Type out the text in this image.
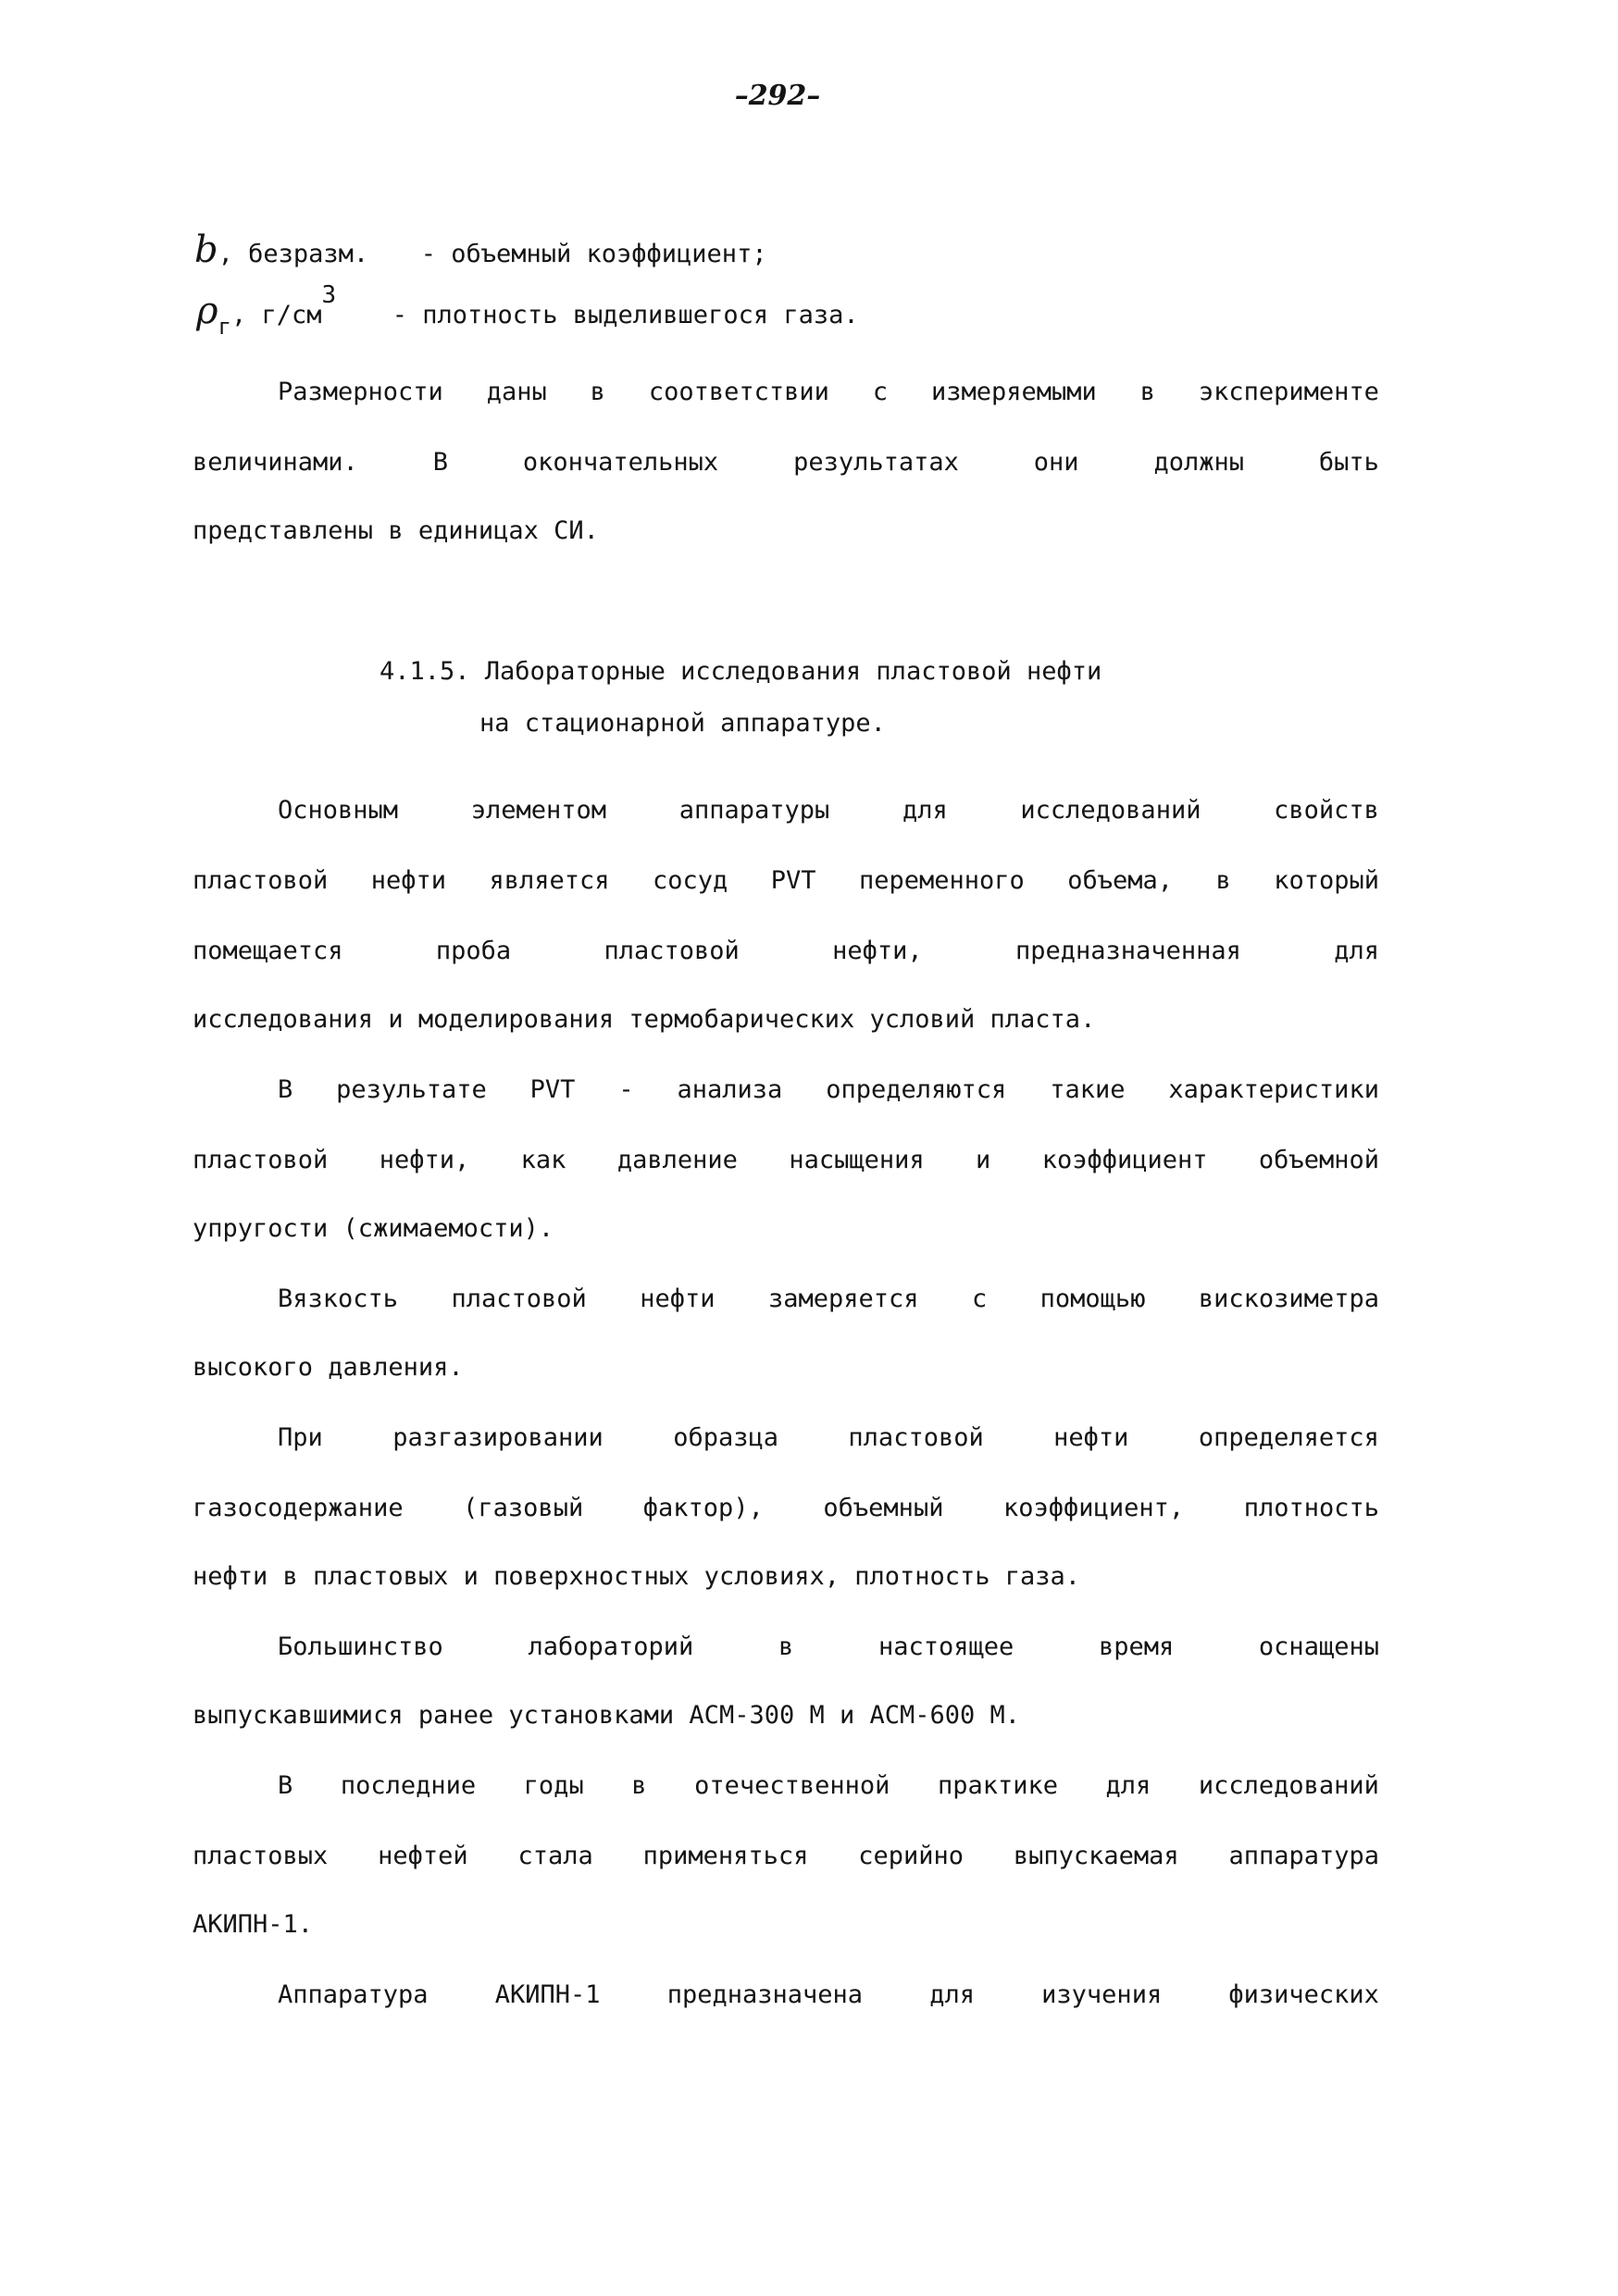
–292–
b, безразм. - объемный коэффициент;
ρг, г/см3  - плотность выделившегося газа.
Размерности даны в соответствии с измеряемыми в эксперименте
величинами.	В	окончательных	результатах	они	должны	быть
представлены в единицах СИ.
4.1.5. Лабораторные исследования пластовой нефти
на стационарной аппаратуре.
Основным	элементом	аппаратуры	для	исследований	свойств
пластовой нефти является сосуд PVT переменного объема, в который
помещается	проба	пластовой	нефти,	предназначенная	для
исследования и моделирования термобарических условий пласта.
В результате PVT - анализа определяются такие характеристики
пластовой нефти, как давление насыщения и коэффициент объемной
упругости (сжимаемости).
Вязкость пластовой нефти замеряется с помощью вискозиметра
высокого давления.
При	разгазировании	образца	пластовой	нефти	определяется
газосодержание (газовый фактор), объемный коэффициент, плотность
нефти в пластовых и поверхностных условиях, плотность газа.
Большинство	лабораторий	в	настоящее	время	оснащены
выпускавшимися ранее установками АСМ-300 М и АСМ-600 М.
В последние годы в отечественной практике для исследований
пластовых нефтей стала применяться серийно выпускаемая аппаратура
АКИПН-1.
Аппаратура	АКИПН-1	предназначена	для	изучения	физических
